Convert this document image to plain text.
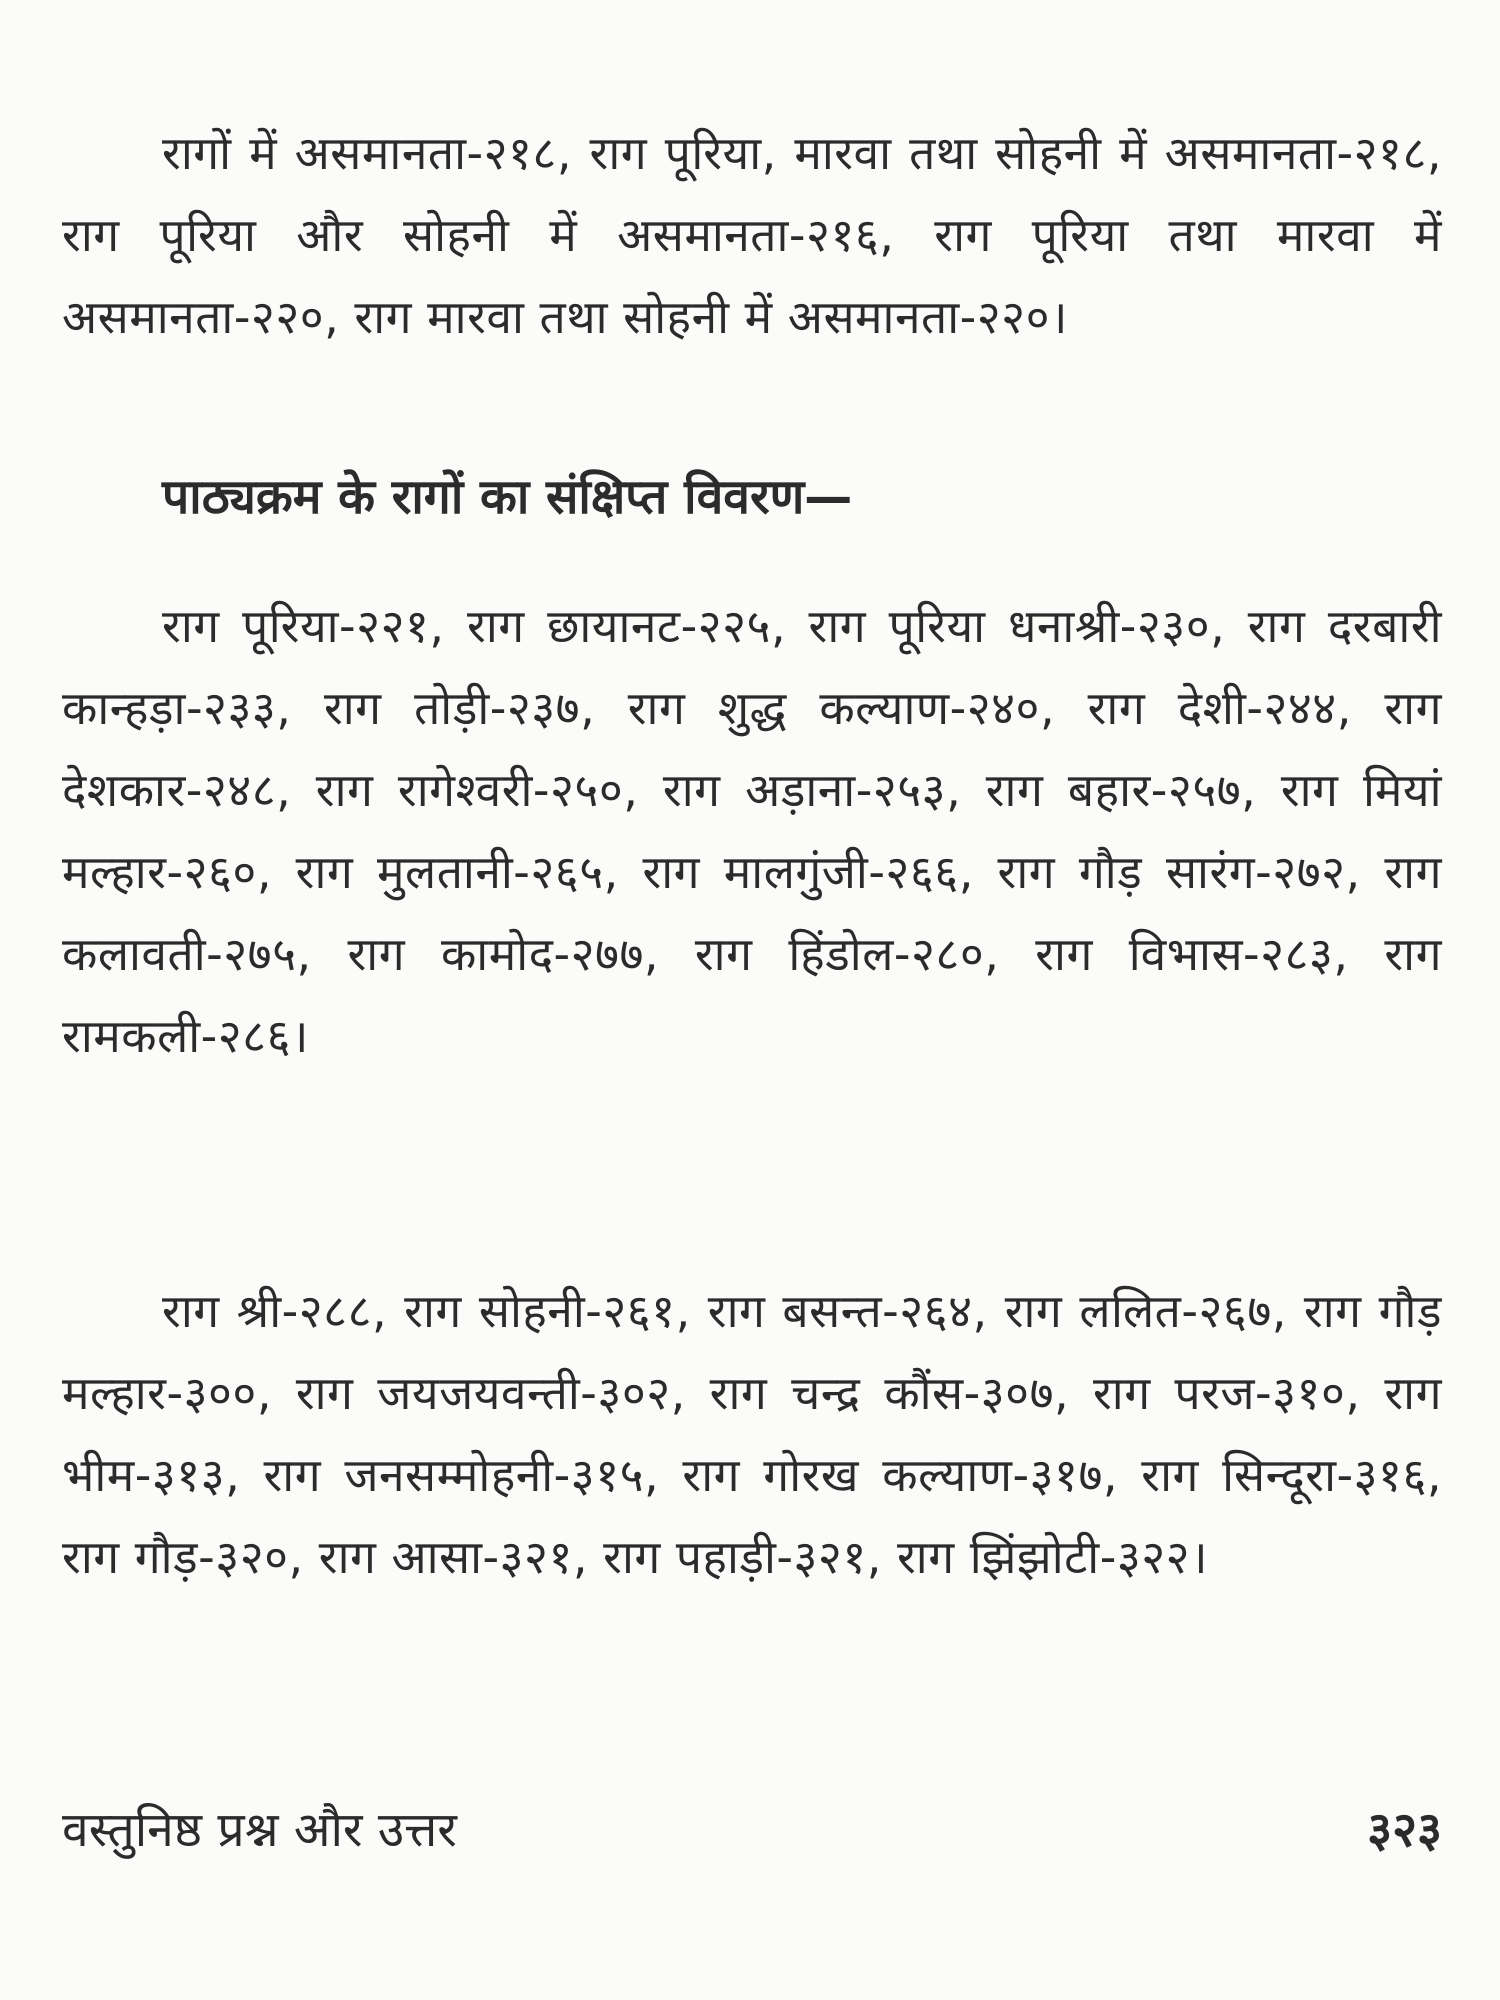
रागों में असमानता-२१८, राग पूरिया, मारवा तथा सोहनी में असमानता-२१८, राग पूरिया और सोहनी में असमानता-२१६, राग पूरिया तथा मारवा में असमानता-२२०, राग मारवा तथा सोहनी में असमानता-२२०।

पाठ्यक्रम के रागों का संक्षिप्त विवरण—

राग पूरिया-२२१, राग छायानट-२२५, राग पूरिया धनाश्री-२३०, राग दरबारी कान्हड़ा-२३३, राग तोड़ी-२३७, राग शुद्ध कल्याण-२४०, राग देशी-२४४, राग देशकार-२४८, राग रागेश्वरी-२५०, राग अड़ाना-२५३, राग बहार-२५७, राग मियां मल्हार-२६०, राग मुलतानी-२६५, राग मालगुंजी-२६६, राग गौड़ सारंग-२७२, राग कलावती-२७५, राग कामोद-२७७, राग हिंडोल-२८०, राग विभास-२८३, राग रामकली-२८६।

राग श्री-२८८, राग सोहनी-२६१, राग बसन्त-२६४, राग ललित-२६७, राग गौड़ मल्हार-३००, राग जयजयवन्ती-३०२, राग चन्द्र कौंस-३०७, राग परज-३१०, राग भीम-३१३, राग जनसम्मोहनी-३१५, राग गोरख कल्याण-३१७, राग सिन्दूरा-३१६, राग गौड़-३२०, राग आसा-३२१, राग पहाड़ी-३२१, राग झिंझोटी-३२२।

वस्तुनिष्ठ प्रश्न और उत्तर	३२३
